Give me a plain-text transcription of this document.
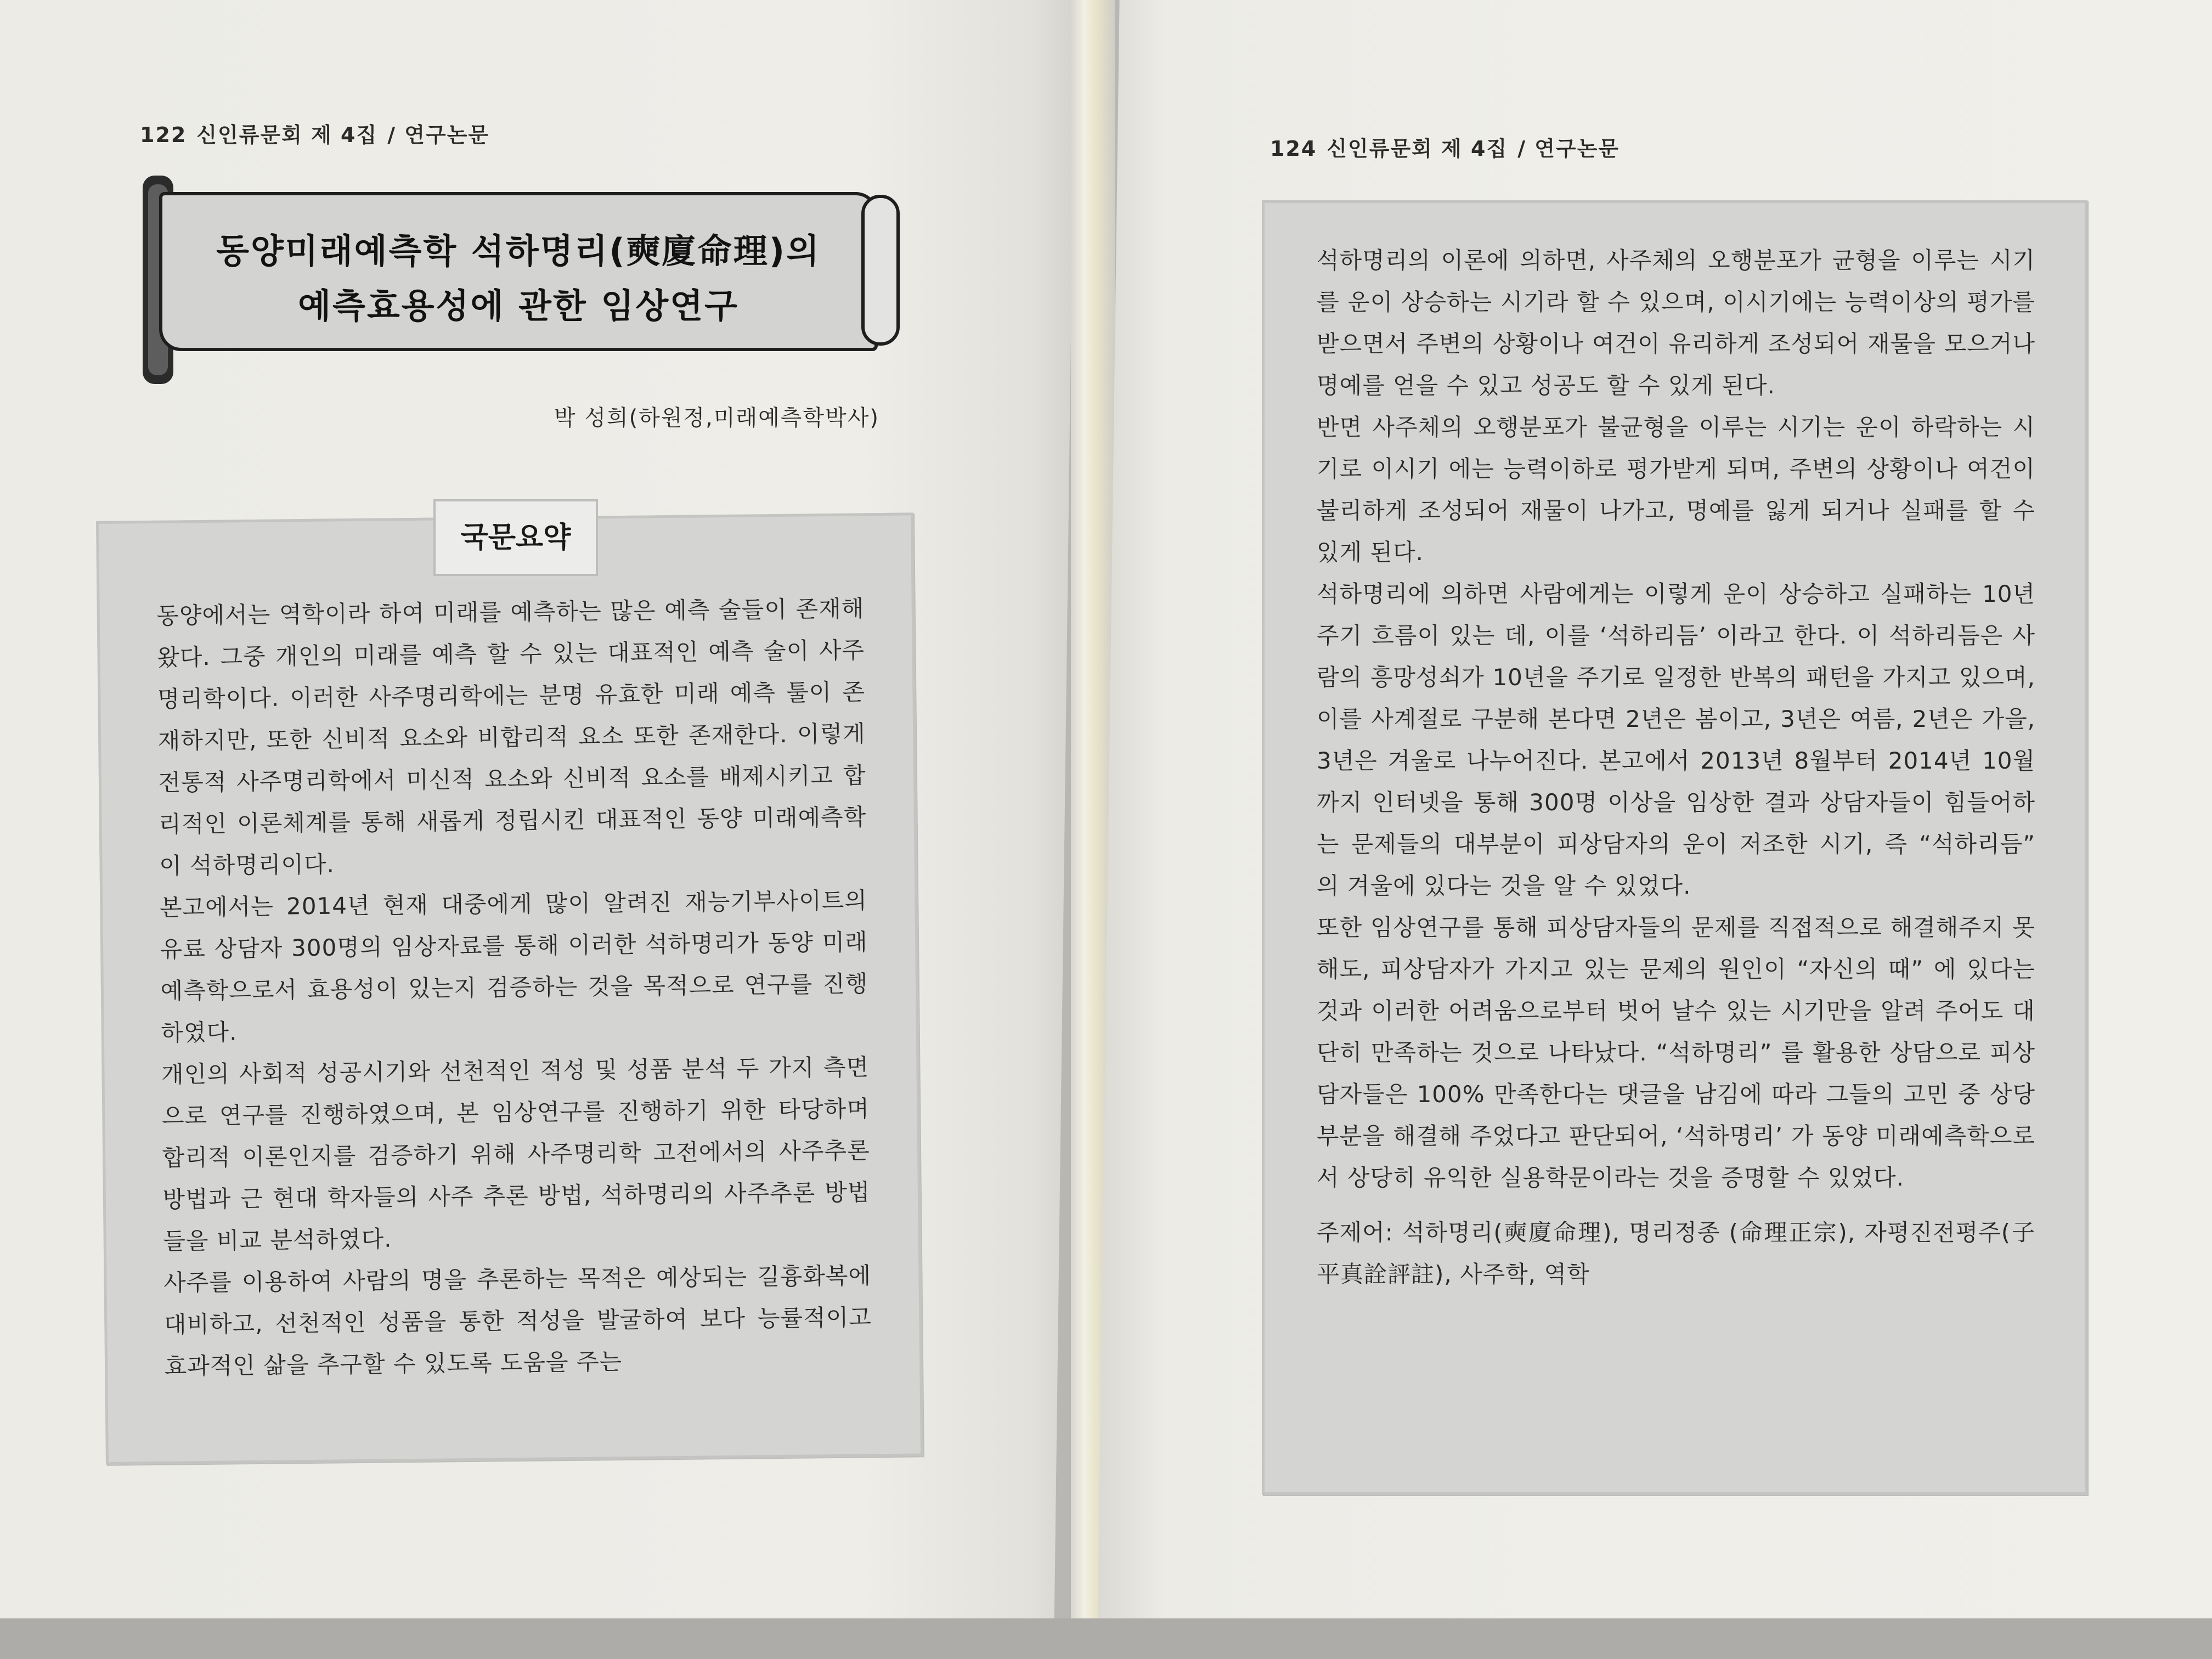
122 신인류문회 제 4집 / 연구논문
동양미래예측학 석하명리(奭廈命理)의
예측효용성에 관한 임상연구
박 성희(하원정,미래예측학박사)
국문요약

동양에서는 역학이라 하여 미래를 예측하는 많은 예측 술들이 존재해 왔다. 그중 개인의 미래를 예측 할 수 있는 대표적인 예측 술이 사주명리학이다. 이러한 사주명리학에는 분명 유효한 미래 예측 툴이 존재하지만, 또한 신비적 요소와 비합리적 요소 또한 존재한다. 이렇게 전통적 사주명리학에서 미신적 요소와 신비적 요소를 배제시키고 합리적인 이론체계를 통해 새롭게 정립시킨 대표적인 동양 미래예측학이 석하명리이다.

본고에서는 2014년 현재 대중에게 많이 알려진 재능기부사이트의 유료 상담자 300명의 임상자료를 통해 이러한 석하명리가 동양 미래예측학으로서 효용성이 있는지 검증하는 것을 목적으로 연구를 진행하였다.

개인의 사회적 성공시기와 선천적인 적성 및 성품 분석 두 가지 측면으로 연구를 진행하였으며, 본 임상연구를 진행하기 위한 타당하며 합리적 이론인지를 검증하기 위해 사주명리학 고전에서의 사주추론 방법과 근 현대 학자들의 사주 추론 방법, 석하명리의 사주추론 방법들을 비교 분석하였다.

사주를 이용하여 사람의 명을 추론하는 목적은 예상되는 길흉화복에 대비하고, 선천적인 성품을 통한 적성을 발굴하여 보다 능률적이고 효과적인 삶을 추구할 수 있도록 도움을 주는

124 신인류문회 제 4집 / 연구논문

석하명리의 이론에 의하면, 사주체의 오행분포가 균형을 이루는 시기를 운이 상승하는 시기라 할 수 있으며, 이시기에는 능력이상의 평가를 받으면서 주변의 상황이나 여건이 유리하게 조성되어 재물을 모으거나 명예를 얻을 수 있고 성공도 할 수 있게 된다.

반면 사주체의 오행분포가 불균형을 이루는 시기는 운이 하락하는 시기로 이시기 에는 능력이하로 평가받게 되며, 주변의 상황이나 여건이 불리하게 조성되어 재물이 나가고, 명예를 잃게 되거나 실패를 할 수 있게 된다.

석하명리에 의하면 사람에게는 이렇게 운이 상승하고 실패하는 10년주기 흐름이 있는 데, 이를 ‘석하리듬’ 이라고 한다. 이 석하리듬은 사람의 흥망성쇠가 10년을 주기로 일정한 반복의 패턴을 가지고 있으며, 이를 사계절로 구분해 본다면 2년은 봄이고, 3년은 여름, 2년은 가을, 3년은 겨울로 나누어진다. 본고에서 2013년 8월부터 2014년 10월까지 인터넷을 통해 300명 이상을 임상한 결과 상담자들이 힘들어하는 문제들의 대부분이 피상담자의 운이 저조한 시기, 즉 “석하리듬” 의 겨울에 있다는 것을 알 수 있었다.

또한 임상연구를 통해 피상담자들의 문제를 직접적으로 해결해주지 못해도, 피상담자가 가지고 있는 문제의 원인이 “자신의 때” 에 있다는 것과 이러한 어려움으로부터 벗어 날수 있는 시기만을 알려 주어도 대단히 만족하는 것으로 나타났다. “석하명리” 를 활용한 상담으로 피상담자들은 100% 만족한다는 댓글을 남김에 따라 그들의 고민 중 상당부분을 해결해 주었다고 판단되어, ‘석하명리’ 가 동양 미래예측학으로서 상당히 유익한 실용학문이라는 것을 증명할 수 있었다.

주제어: 석하명리(奭廈命理), 명리정종 (命理正宗), 자평진전평주(子平真詮評註), 사주학, 역학
